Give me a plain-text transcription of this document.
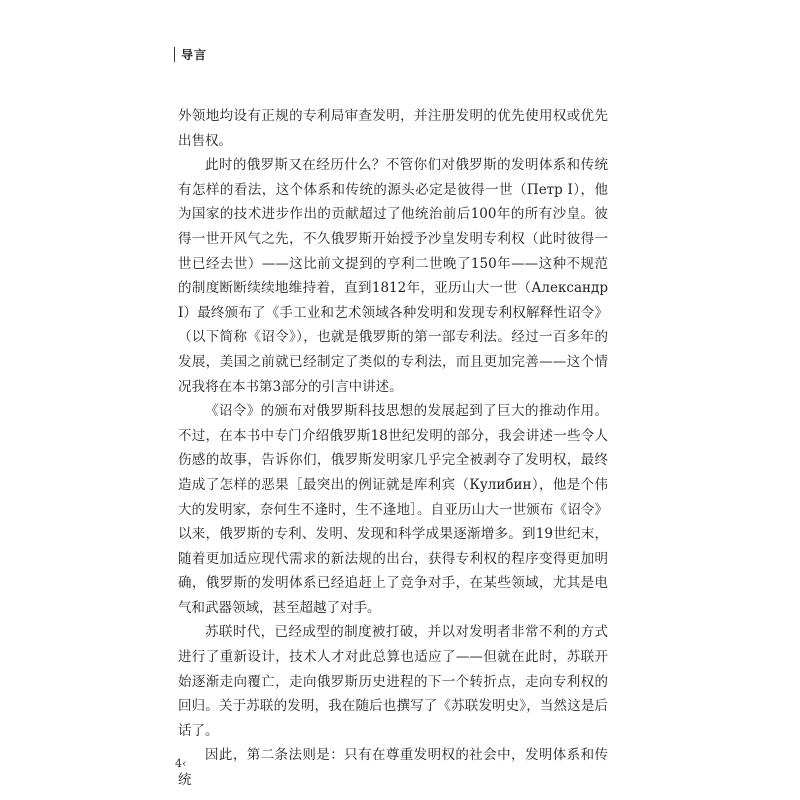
导言

外领地均设有正规的专利局审查发明，并注册发明的优先使用权或优先出售权。

此时的俄罗斯又在经历什么？不管你们对俄罗斯的发明体系和传统有怎样的看法，这个体系和传统的源头必定是彼得一世（Петр I），他为国家的技术进步作出的贡献超过了他统治前后100年的所有沙皇。彼得一世开风气之先，不久俄罗斯开始授予沙皇发明专利权（此时彼得一世已经去世）——这比前文提到的亨利二世晚了150年——这种不规范的制度断断续续地维持着，直到1812年，亚历山大一世（Александр I）最终颁布了《手工业和艺术领域各种发明和发现专利权解释性诏令》（以下简称《诏令》），也就是俄罗斯的第一部专利法。经过一百多年的发展，美国之前就已经制定了类似的专利法，而且更加完善——这个情况我将在本书第3部分的引言中讲述。

《诏令》的颁布对俄罗斯科技思想的发展起到了巨大的推动作用。不过，在本书中专门介绍俄罗斯18世纪发明的部分，我会讲述一些令人伤感的故事，告诉你们，俄罗斯发明家几乎完全被剥夺了发明权，最终造成了怎样的恶果［最突出的例证就是库利宾（Кулибин），他是个伟大的发明家，奈何生不逢时，生不逢地］。自亚历山大一世颁布《诏令》以来，俄罗斯的专利、发明、发现和科学成果逐渐增多。到19世纪末，随着更加适应现代需求的新法规的出台，获得专利权的程序变得更加明确，俄罗斯的发明体系已经追赶上了竞争对手，在某些领域，尤其是电气和武器领域，甚至超越了对手。

苏联时代，已经成型的制度被打破，并以对发明者非常不利的方式进行了重新设计，技术人才对此总算也适应了——但就在此时，苏联开始逐渐走向覆亡，走向俄罗斯历史进程的下一个转折点，走向专利权的回归。关于苏联的发明，我在随后也撰写了《苏联发明史》，当然这是后话了。

因此，第二条法则是：只有在尊重发明权的社会中，发明体系和传统

4‹
